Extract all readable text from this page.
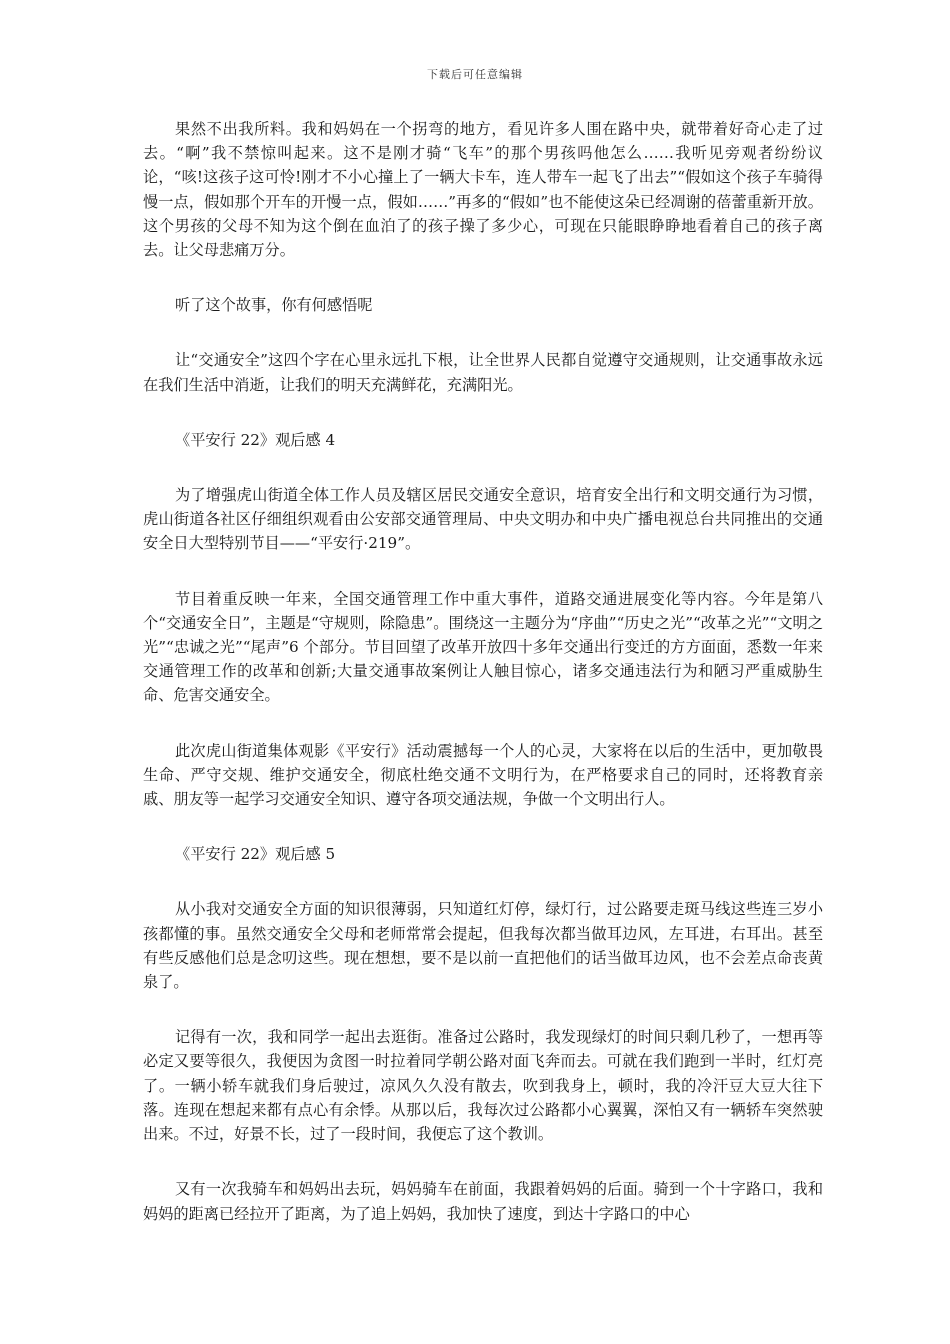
下载后可任意编辑

果然不出我所料。我和妈妈在一个拐弯的地方，看见许多人围在路中央，就带着好奇心走了过去。“啊”我不禁惊叫起来。这不是刚才骑“飞车”的那个男孩吗他怎么……我听见旁观者纷纷议论，“咳!这孩子这可怜!刚才不小心撞上了一辆大卡车，连人带车一起飞了出去”“假如这个孩子车骑得慢一点，假如那个开车的开慢一点，假如……”再多的“假如”也不能使这朵已经凋谢的蓓蕾重新开放。这个男孩的父母不知为这个倒在血泊了的孩子操了多少心，可现在只能眼睁睁地看着自己的孩子离去。让父母悲痛万分。

听了这个故事，你有何感悟呢

让“交通安全”这四个字在心里永远扎下根，让全世界人民都自觉遵守交通规则，让交通事故永远在我们生活中消逝，让我们的明天充满鲜花，充满阳光。

《平安行 22》观后感 4

为了增强虎山街道全体工作人员及辖区居民交通安全意识，培育安全出行和文明交通行为习惯，虎山街道各社区仔细组织观看由公安部交通管理局、中央文明办和中央广播电视总台共同推出的交通安全日大型特别节目——“平安行·219”。

节目着重反映一年来，全国交通管理工作中重大事件，道路交通进展变化等内容。今年是第八个“交通安全日”，主题是“守规则，除隐患”。围绕这一主题分为“序曲”“历史之光”“改革之光”“文明之光”“忠诚之光”“尾声”6 个部分。节目回望了改革开放四十多年交通出行变迁的方方面面，悉数一年来交通管理工作的改革和创新;大量交通事故案例让人触目惊心，诸多交通违法行为和陋习严重威胁生命、危害交通安全。

此次虎山街道集体观影《平安行》活动震撼每一个人的心灵，大家将在以后的生活中，更加敬畏生命、严守交规、维护交通安全，彻底杜绝交通不文明行为，在严格要求自己的同时，还将教育亲戚、朋友等一起学习交通安全知识、遵守各项交通法规，争做一个文明出行人。

《平安行 22》观后感 5

从小我对交通安全方面的知识很薄弱，只知道红灯停，绿灯行，过公路要走斑马线这些连三岁小孩都懂的事。虽然交通安全父母和老师常常会提起，但我每次都当做耳边风，左耳进，右耳出。甚至有些反感他们总是念叨这些。现在想想，要不是以前一直把他们的话当做耳边风，也不会差点命丧黄泉了。

记得有一次，我和同学一起出去逛街。准备过公路时，我发现绿灯的时间只剩几秒了，一想再等必定又要等很久，我便因为贪图一时拉着同学朝公路对面飞奔而去。可就在我们跑到一半时，红灯亮了。一辆小轿车就我们身后驶过，凉风久久没有散去，吹到我身上，顿时，我的冷汗豆大豆大往下落。连现在想起来都有点心有余悸。从那以后，我每次过公路都小心翼翼，深怕又有一辆轿车突然驶出来。不过，好景不长，过了一段时间，我便忘了这个教训。

又有一次我骑车和妈妈出去玩，妈妈骑车在前面，我跟着妈妈的后面。骑到一个十字路口，我和妈妈的距离已经拉开了距离，为了追上妈妈，我加快了速度，到达十字路口的中心
